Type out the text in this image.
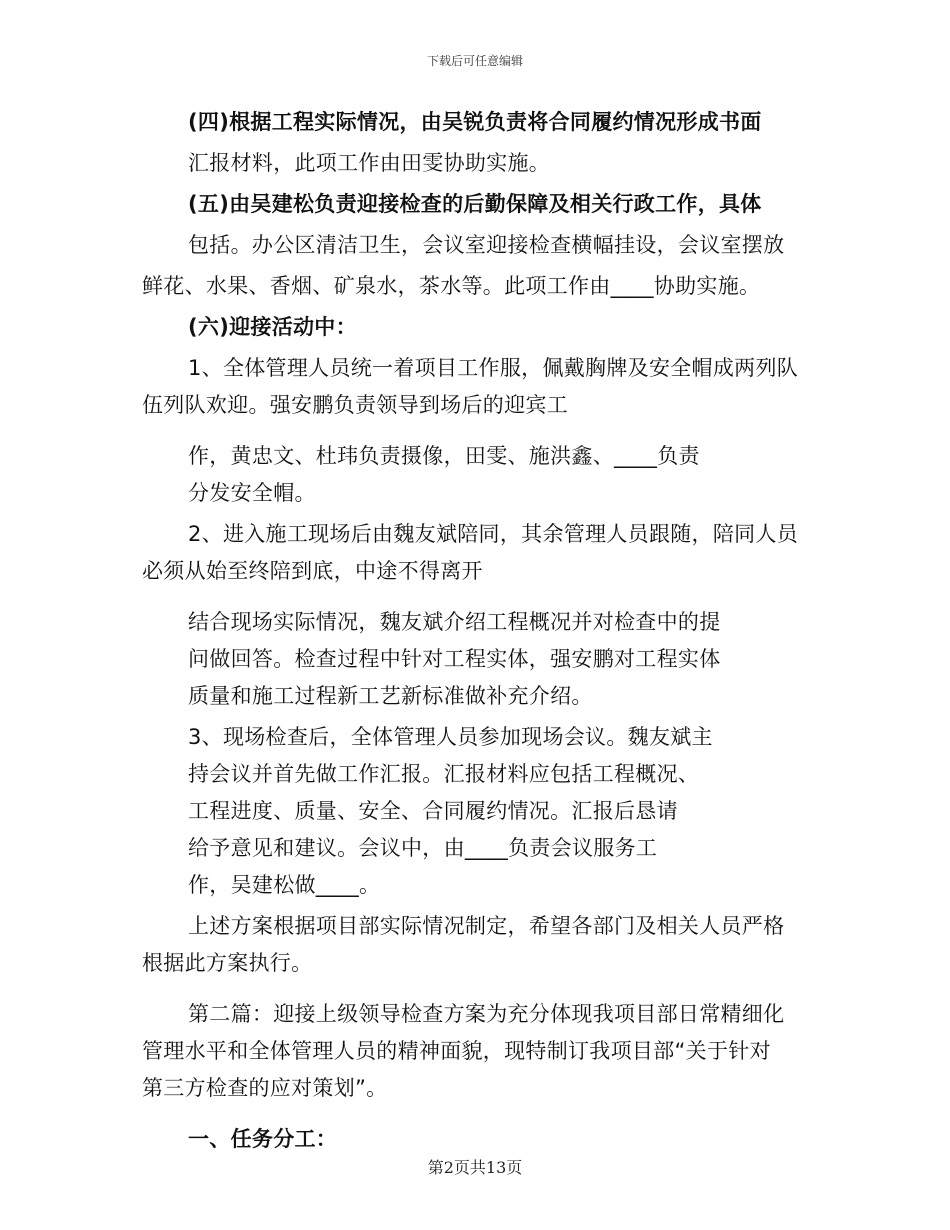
下载后可任意编辑
(四)根据工程实际情况，由吴锐负责将合同履约情况形成书面
汇报材料，此项工作由田雯协助实施。
(五)由吴建松负责迎接检查的后勤保障及相关行政工作，具体
包括。办公区清洁卫生，会议室迎接检查横幅挂设，会议室摆放
鲜花、水果、香烟、矿泉水，茶水等。此项工作由____协助实施。
(六)迎接活动中：
1、全体管理人员统一着项目工作服，佩戴胸牌及安全帽成两列队
伍列队欢迎。强安鹏负责领导到场后的迎宾工
作，黄忠文、杜玮负责摄像，田雯、施洪鑫、____负责
分发安全帽。
2、进入施工现场后由魏友斌陪同，其余管理人员跟随，陪同人员
必须从始至终陪到底，中途不得离开
结合现场实际情况，魏友斌介绍工程概况并对检查中的提
问做回答。检查过程中针对工程实体，强安鹏对工程实体
质量和施工过程新工艺新标准做补充介绍。
3、现场检查后，全体管理人员参加现场会议。魏友斌主
持会议并首先做工作汇报。汇报材料应包括工程概况、
工程进度、质量、安全、合同履约情况。汇报后恳请
给予意见和建议。会议中，由____负责会议服务工
作，吴建松做____。
上述方案根据项目部实际情况制定，希望各部门及相关人员严格
根据此方案执行。
第二篇：迎接上级领导检查方案为充分体现我项目部日常精细化
管理水平和全体管理人员的精神面貌，现特制订我项目部“关于针对
第三方检查的应对策划”。
一、任务分工：
第2页共13页
